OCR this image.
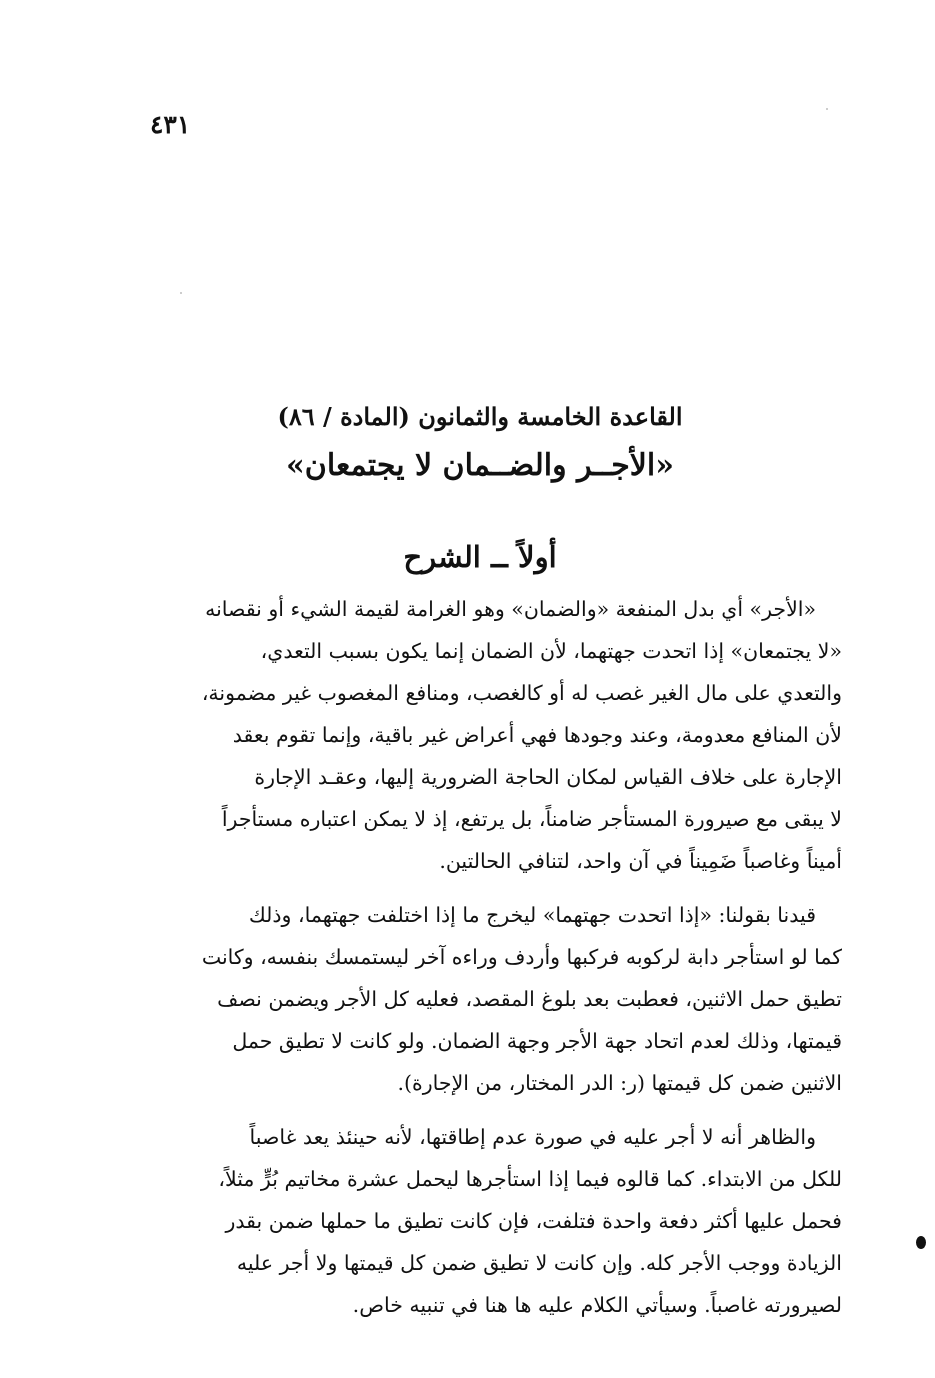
٤٣١
القاعدة الخامسة والثمانون (المادة / ٨٦)
«الأجــر والضــمان لا يجتمعان»
أولاً ــ الشرح
«الأجر» أي بدل المنفعة «والضمان» وهو الغرامة لقيمة الشيء أو نقصانه
«لا يجتمعان» إذا اتحدت جهتهما، لأن الضمان إنما يكون بسبب التعدي،
والتعدي على مال الغير غصب له أو كالغصب، ومنافع المغصوب غير مضمونة،
لأن المنافع معدومة، وعند وجودها فهي أعراض غير باقية، وإنما تقوم بعقد
الإجارة على خلاف القياس لمكان الحاجة الضرورية إليها، وعقـد الإجارة
لا يبقى مع صيرورة المستأجر ضامناً، بل يرتفع، إذ لا يمكن اعتباره مستأجراً
أميناً وغاصباً ضَمِيناً في آن واحد، لتنافي الحالتين.
قيدنا بقولنا: «إذا اتحدت جهتهما» ليخرج ما إذا اختلفت جهتهما، وذلك
كما لو استأجر دابة لركوبه فركبها وأردف وراءه آخر ليستمسك بنفسه، وكانت
تطيق حمل الاثنين، فعطبت بعد بلوغ المقصد، فعليه كل الأجر ويضمن نصف
قيمتها، وذلك لعدم اتحاد جهة الأجر وجهة الضمان. ولو كانت لا تطيق حمل
الاثنين ضمن كل قيمتها (ر: الدر المختار، من الإجارة).
والظاهر أنه لا أجر عليه في صورة عدم إطاقتها، لأنه حينئذ يعد غاصباً
للكل من الابتداء. كما قالوه فيما إذا استأجرها ليحمل عشرة مخاتيم بُرٍّ مثلاً،
فحمل عليها أكثر دفعة واحدة فتلفت، فإن كانت تطيق ما حملها ضمن بقدر
الزيادة ووجب الأجر كله. وإن كانت لا تطيق ضمن كل قيمتها ولا أجر عليه
لصيرورته غاصباً. وسيأتي الكلام عليه ها هنا في تنبيه خاص.
